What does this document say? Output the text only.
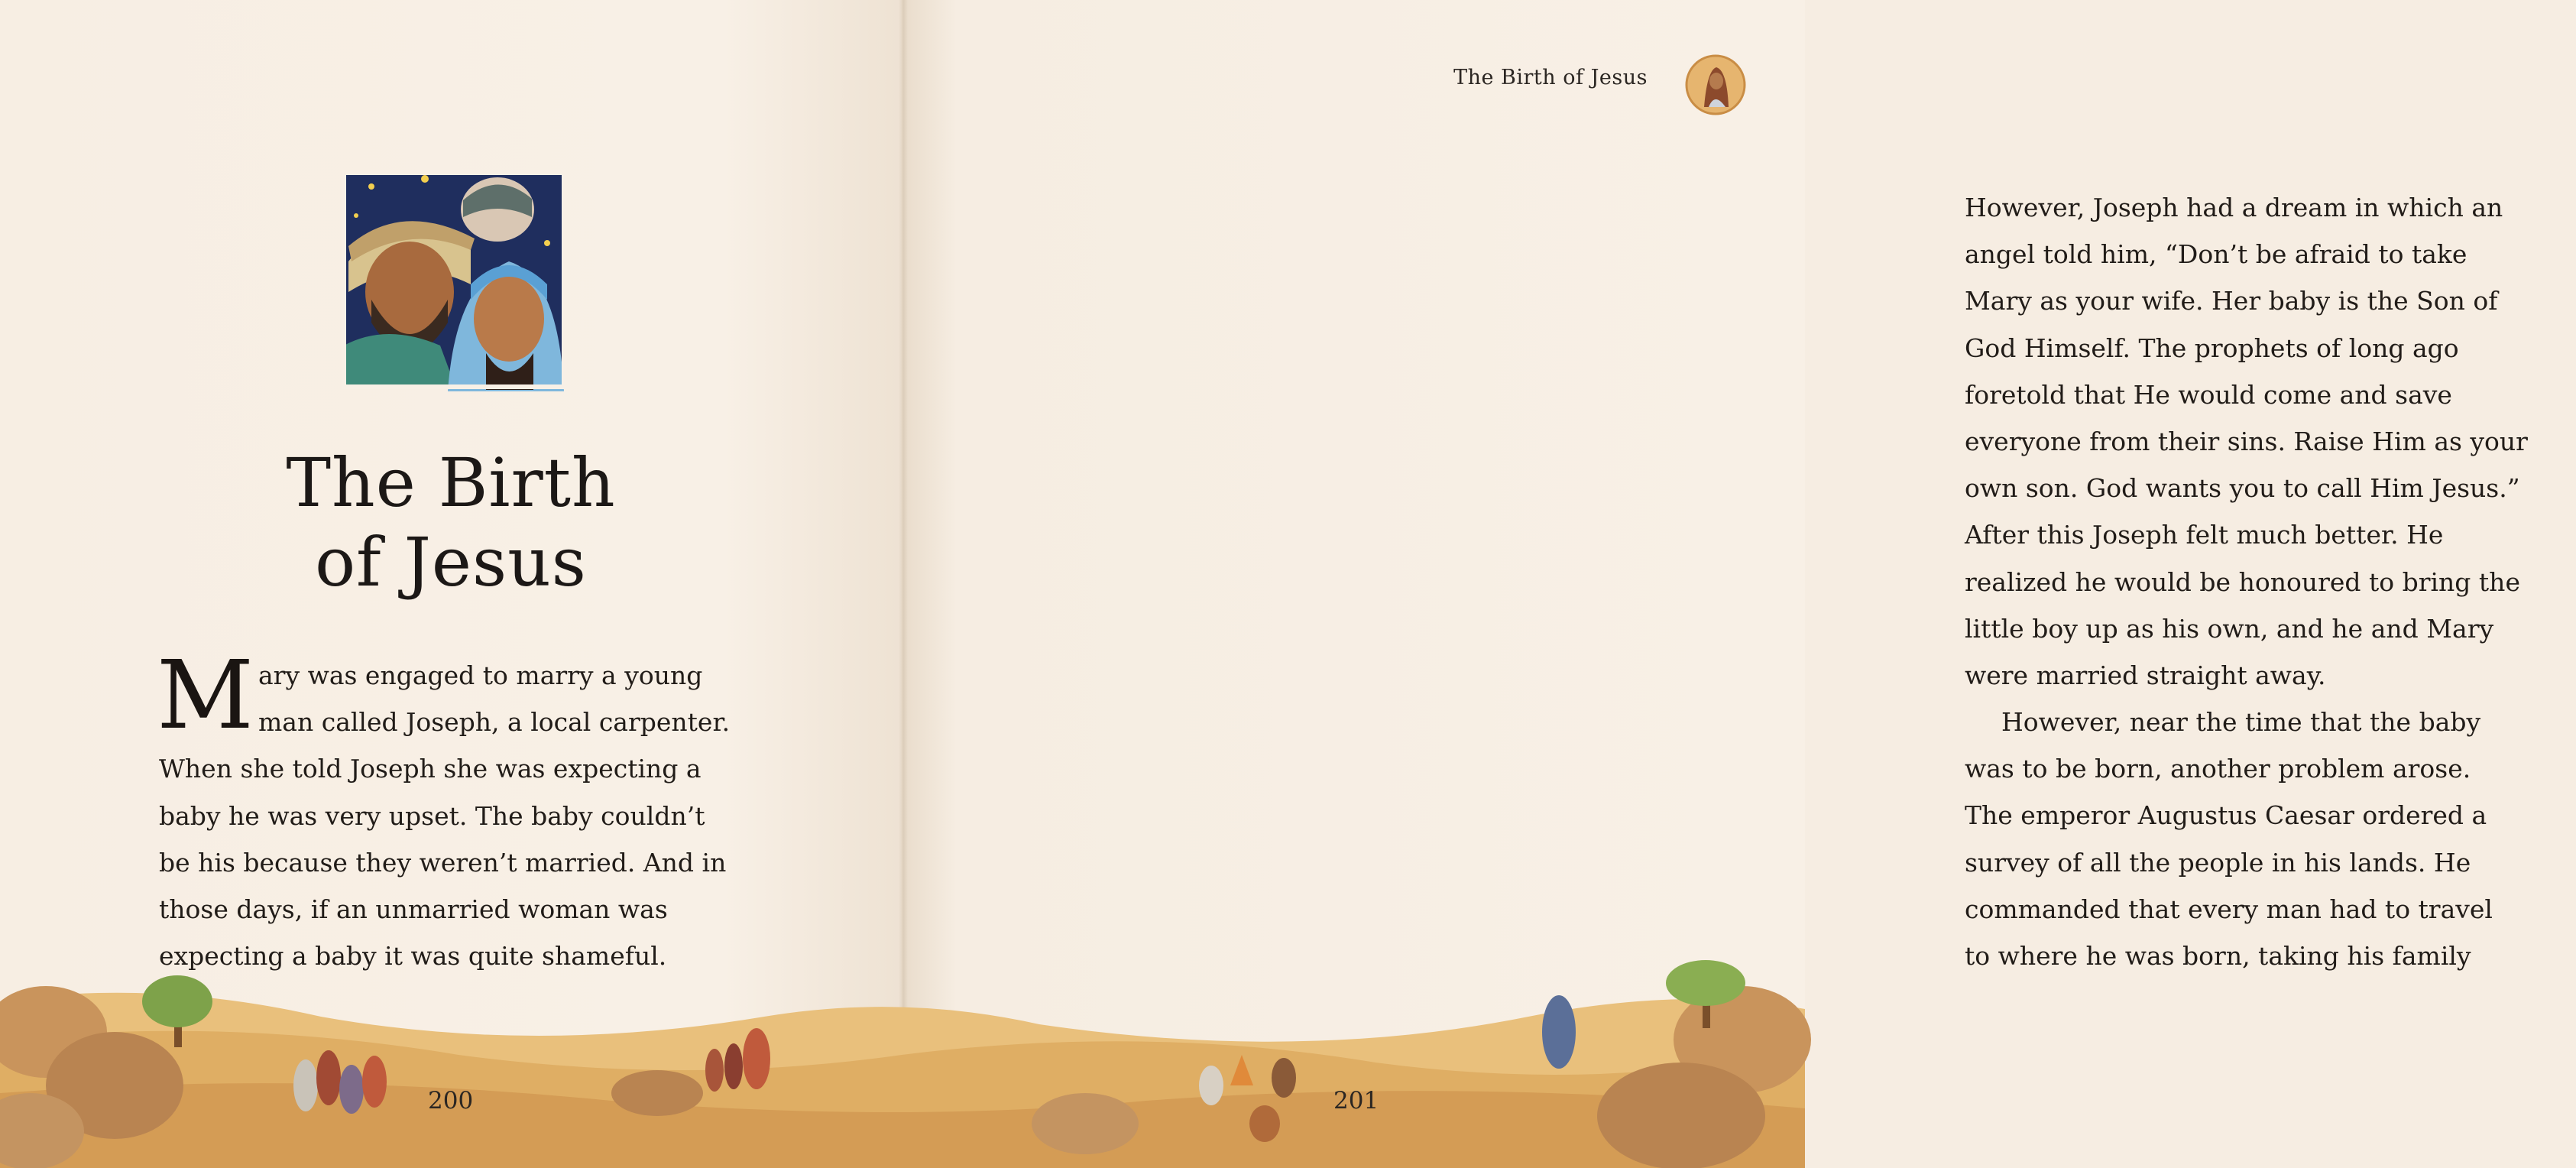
The Birth
of Jesus
M ary was engaged to marry a young
man called Joseph, a local carpenter.
When she told Joseph she was expecting a
baby he was very upset. The baby couldn’t
be his because they weren’t married. And in
those days, if an unmarried woman was
expecting a baby it was quite shameful.
The Birth of Jesus
However, Joseph had a dream in which an
angel told him, “Don’t be afraid to take
Mary as your wife. Her baby is the Son of
God Himself. The prophets of long ago
foretold that He would come and save
everyone from their sins. Raise Him as your
own son. God wants you to call Him Jesus.”
After this Joseph felt much better. He
realized he would be honoured to bring the
little boy up as his own, and he and Mary
were married straight away.
However, near the time that the baby
was to be born, another problem arose.
The emperor Augustus Caesar ordered a
survey of all the people in his lands. He
commanded that every man had to travel
to where he was born, taking his family
200	201
